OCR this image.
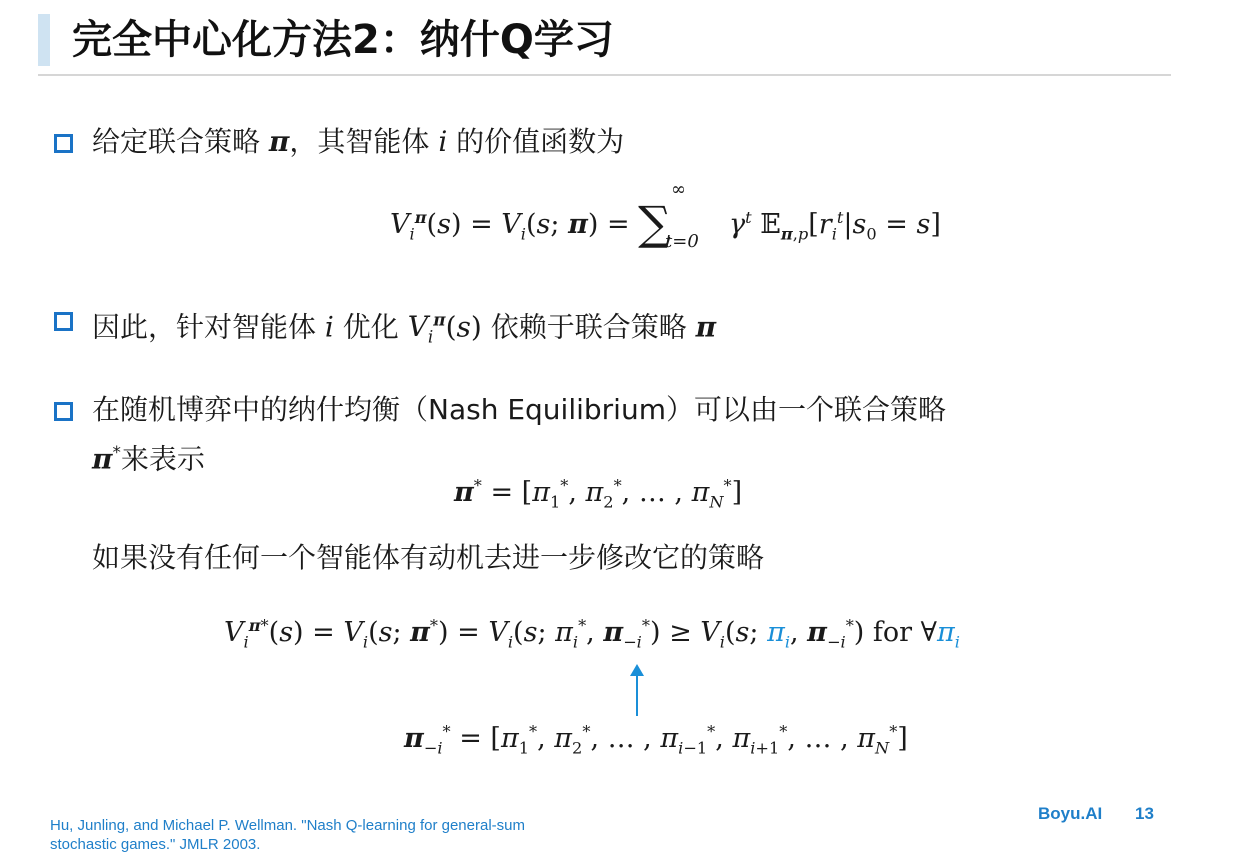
完全中心化方法2：纳什Q学习
给定联合策略 π，其智能体 i 的价值函数为
$V_i^\pi(s) = V_i(s$; π) = ∑
∞
t=0
$\gamma^t$ $𝔼_{\pi,p}[r_i^t|s_0 = s]$
因此，针对智能体 i 优化 $V_i^\pi(s)$ 依赖于联合策略 π
在随机博弈中的纳什均衡（Nash Equilibrium）可以由一个联合策略
π*来表示
$\pi^* = [\pi_1^*$, $\pi_2^*$, … , $\pi_N^*$]
如果没有任何一个智能体有动机去进一步修改它的策略
$V_i^{\pi*}(s) = V_i(s$; $\pi^*) = V_i(s$; $\pi_i^*$, $\pi_{-i}^*) \ge V_i(s$; $\pi_i$, $\pi_{-i}^*$) for $\forall\pi_i$
$\pi_{-i}^* = [\pi_1^*$, $\pi_2^*$, … , $\pi_{i-1}^*$, $\pi_{i+1}^*$, … , $\pi_N^*$]
Hu, Junling, and Michael P. Wellman. "Nash Q-learning for general-sum
stochastic games." JMLR 2003.
Boyu.AI 13
